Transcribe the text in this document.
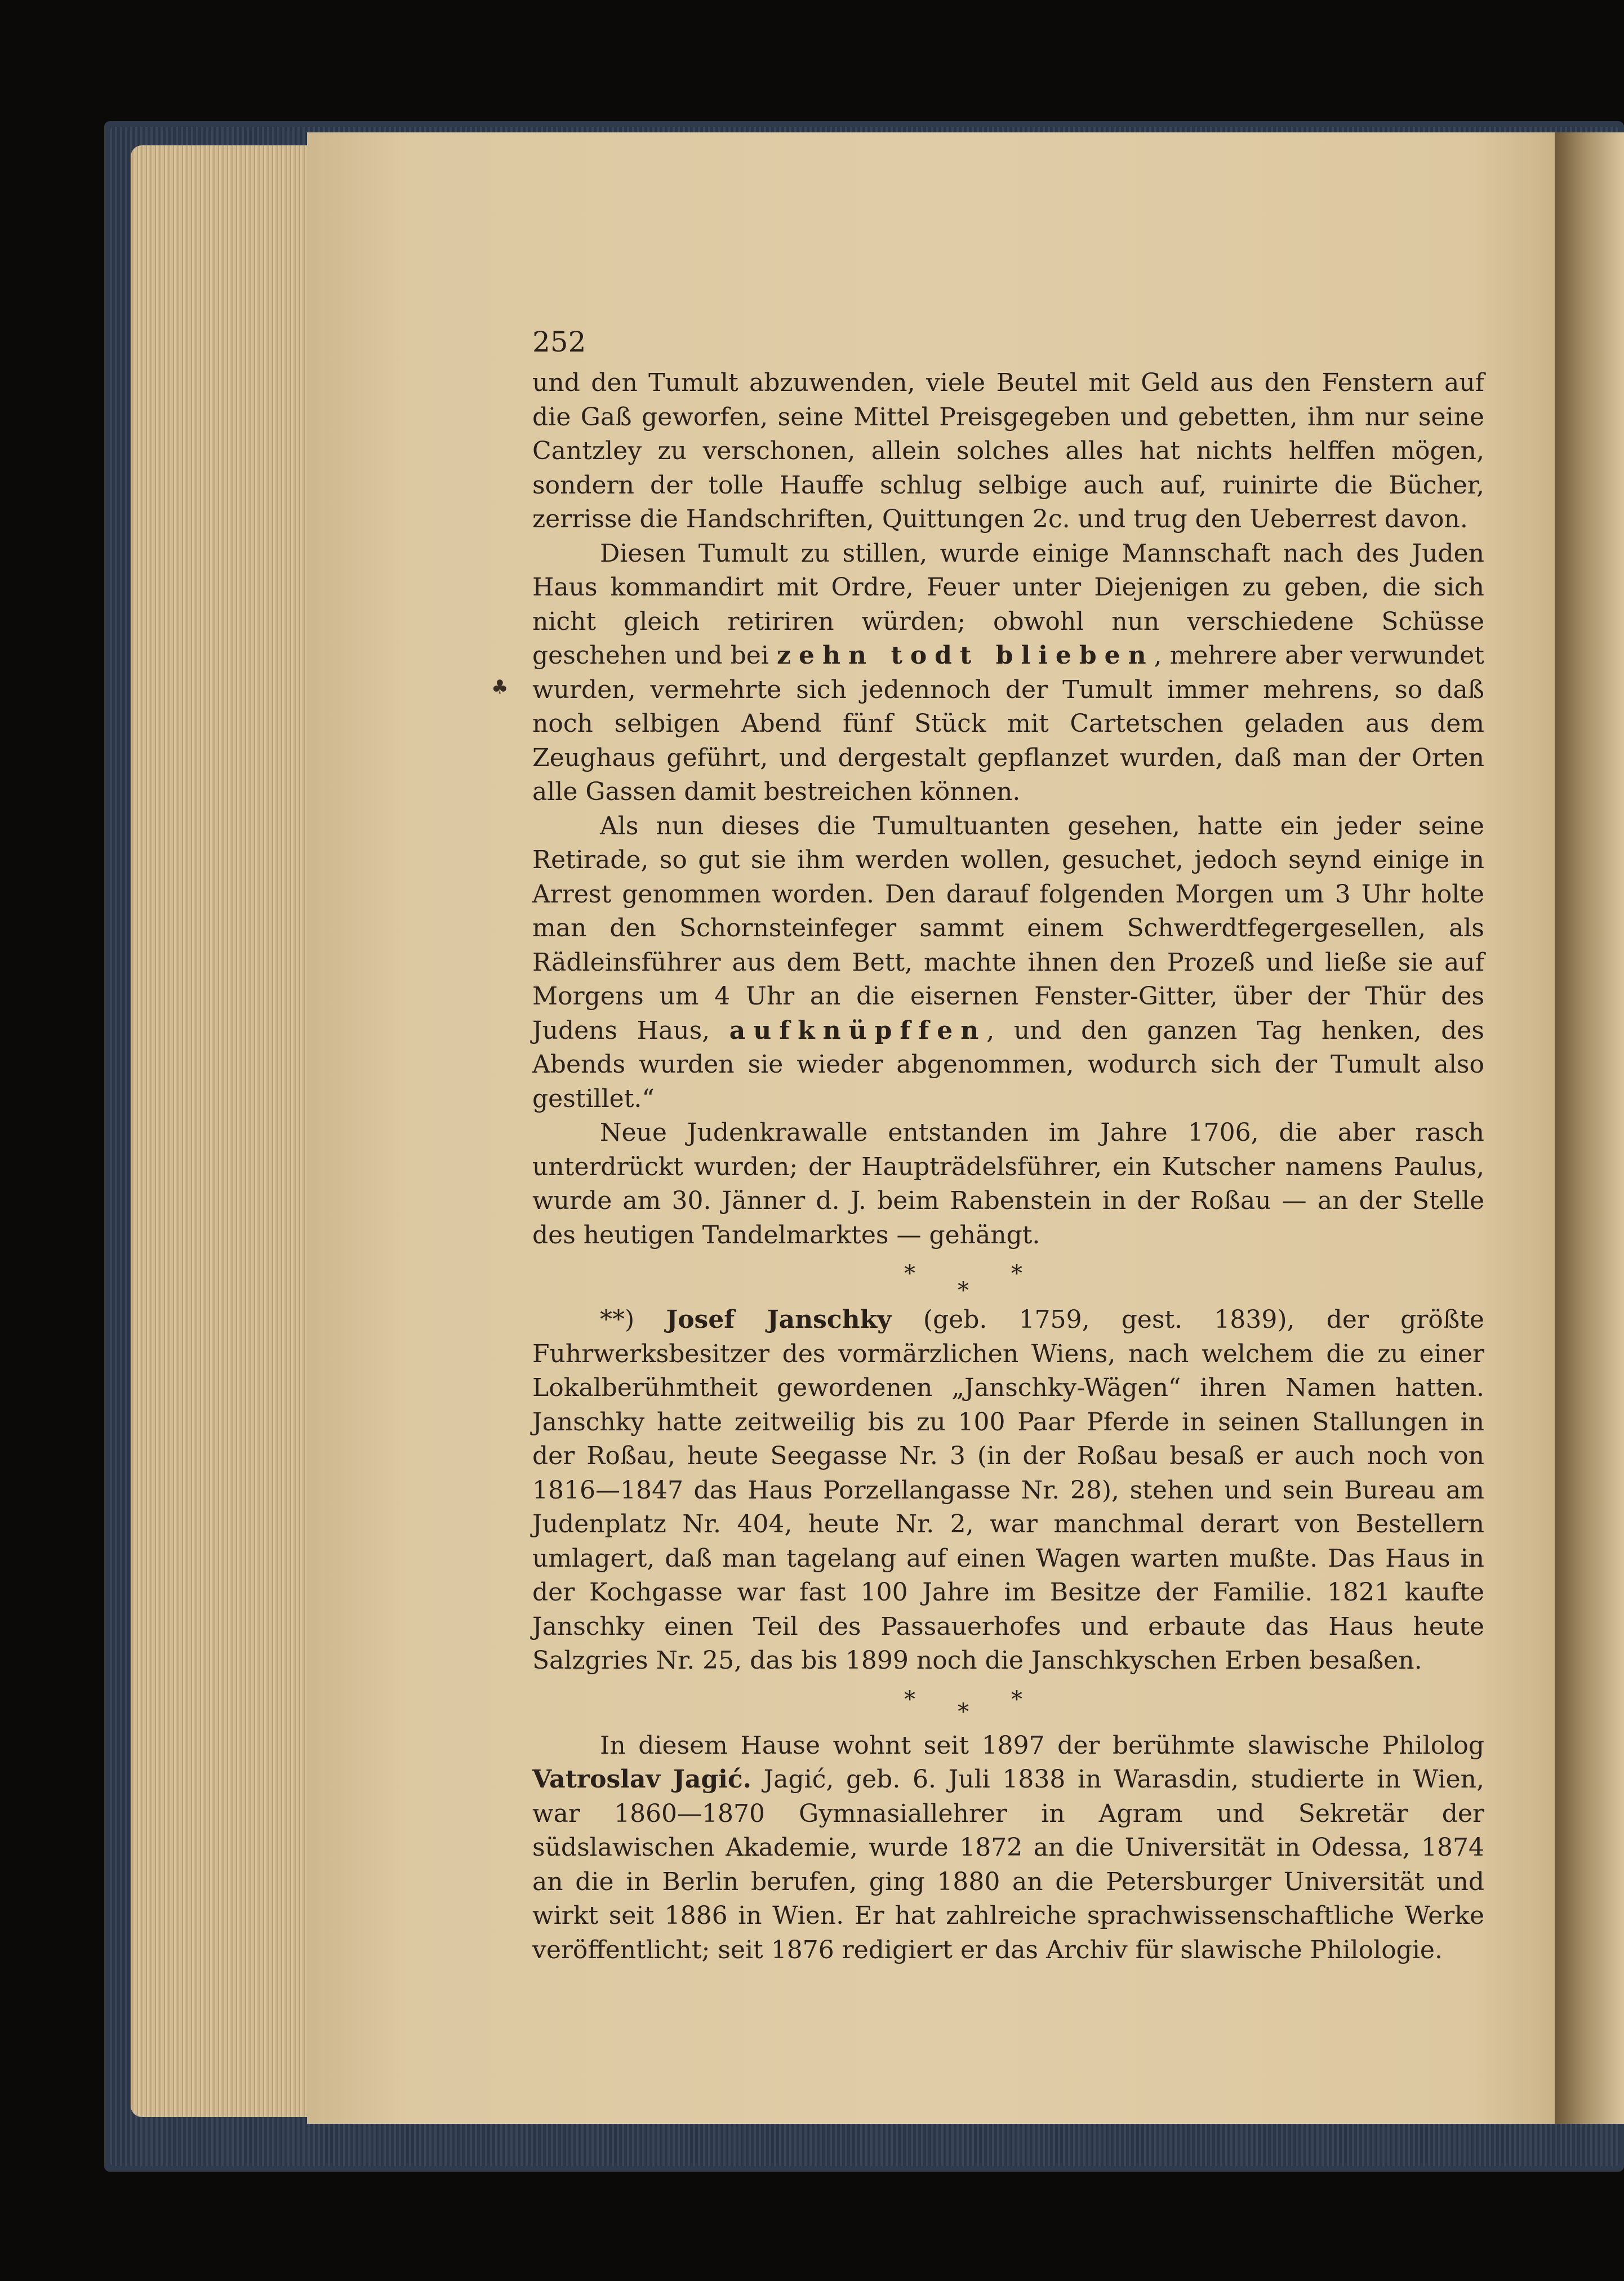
♣
252

und den Tumult abzuwenden, viele Beutel mit Geld aus den Fenstern auf die Gaß geworfen, seine Mittel Preisgegeben und gebetten, ihm nur seine Cantzley zu verschonen, allein solches alles hat nichts helffen mögen, sondern der tolle Hauffe schlug selbige auch auf, ruinirte die Bücher, zerrisse die Handschriften, Quittungen 2c. und trug den Ueberrest davon.

Diesen Tumult zu stillen, wurde einige Mannschaft nach des Juden Haus kommandirt mit Ordre, Feuer unter Diejenigen zu geben, die sich nicht gleich retiriren würden; obwohl nun verschiedene Schüsse geschehen und bei zehn todt blieben, mehrere aber verwundet wurden, vermehrte sich jedennoch der Tumult immer mehrens, so daß noch selbigen Abend fünf Stück mit Cartetschen geladen aus dem Zeughaus geführt, und dergestalt gepflanzet wurden, daß man der Orten alle Gassen damit bestreichen können.

Als nun dieses die Tumultuanten gesehen, hatte ein jeder seine Retirade, so gut sie ihm werden wollen, gesuchet, jedoch seynd einige in Arrest genommen worden. Den darauf folgenden Morgen um 3 Uhr holte man den Schornsteinfeger sammt einem Schwerdtfegergesellen, als Rädleinsführer aus dem Bett, machte ihnen den Prozeß und ließe sie auf Morgens um 4 Uhr an die eisernen Fenster-Gitter, über der Thür des Judens Haus, aufknüpffen, und den ganzen Tag henken, des Abends wurden sie wieder abgenommen, wodurch sich der Tumult also gestillet.“

Neue Judenkrawalle entstanden im Jahre 1706, die aber rasch unterdrückt wurden; der Haupträdelsführer, ein Kutscher namens Paulus, wurde am 30. Jänner d. J. beim Rabenstein in der Roßau — an der Stelle des heutigen Tandelmarktes — gehängt.

*	*
*

**) Josef Janschky (geb. 1759, gest. 1839), der größte Fuhrwerksbesitzer des vormärzlichen Wiens, nach welchem die zu einer Lokalberühmtheit gewordenen „Janschky-Wägen“ ihren Namen hatten. Janschky hatte zeitweilig bis zu 100 Paar Pferde in seinen Stallungen in der Roßau, heute Seegasse Nr. 3 (in der Roßau besaß er auch noch von 1816—1847 das Haus Porzellangasse Nr. 28), stehen und sein Bureau am Judenplatz Nr. 404, heute Nr. 2, war manchmal derart von Bestellern umlagert, daß man tagelang auf einen Wagen warten mußte. Das Haus in der Kochgasse war fast 100 Jahre im Besitze der Familie. 1821 kaufte Janschky einen Teil des Passauerhofes und erbaute das Haus heute Salzgries Nr. 25, das bis 1899 noch die Janschkyschen Erben besaßen.

*	*
*

In diesem Hause wohnt seit 1897 der berühmte slawische Philolog Vatroslav Jagić. Jagić, geb. 6. Juli 1838 in Warasdin, studierte in Wien, war 1860—1870 Gymnasiallehrer in Agram und Sekretär der südslawischen Akademie, wurde 1872 an die Universität in Odessa, 1874 an die in Berlin berufen, ging 1880 an die Petersburger Universität und wirkt seit 1886 in Wien. Er hat zahlreiche sprachwissenschaftliche Werke veröffentlicht; seit 1876 redigiert er das Archiv für slawische Philologie.
